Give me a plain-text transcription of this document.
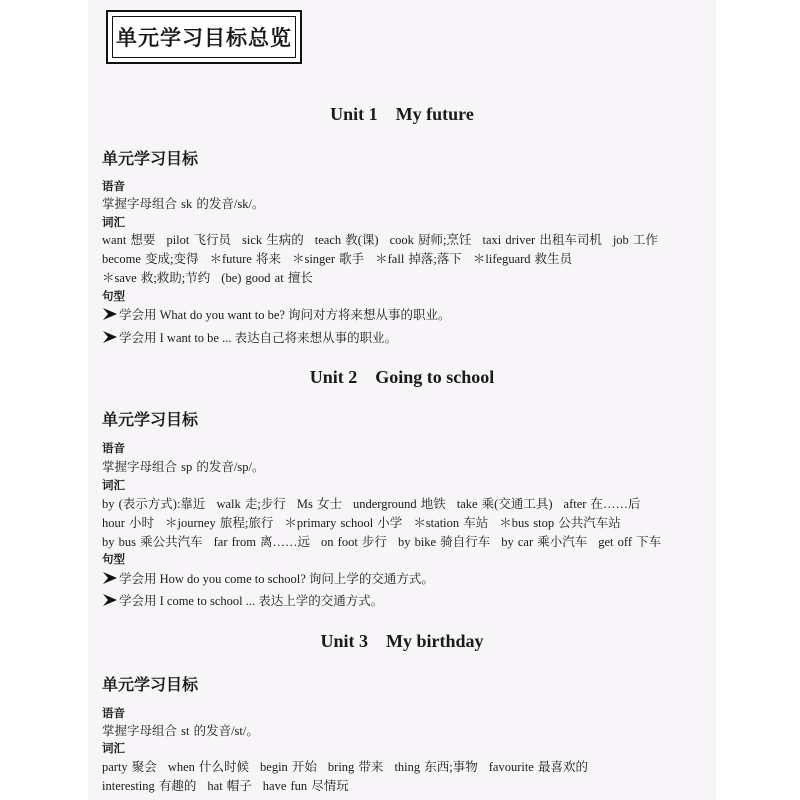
单元学习目标总览
Unit 1 My future
单元学习目标
语音
掌握字母组合 sk 的发音/sk/。
词汇
want 想要 pilot 飞行员 sick 生病的 teach 教(课) cook 厨师;烹饪 taxi driver 出租车司机 job 工作
become 变成;变得 ＊future 将来 ＊singer 歌手 ＊fall 掉落;落下 ＊lifeguard 救生员
＊save 救;救助;节约 (be) good at 擅长
句型
学会用 What do you want to be? 询问对方将来想从事的职业。
学会用 I want to be ... 表达自己将来想从事的职业。
Unit 2 Going to school
单元学习目标
语音
掌握字母组合 sp 的发音/sp/。
词汇
by (表示方式):靠近 walk 走;步行 Ms 女士 underground 地铁 take 乘(交通工具) after 在……后
hour 小时 ＊journey 旅程;旅行 ＊primary school 小学 ＊station 车站 ＊bus stop 公共汽车站
by bus 乘公共汽车 far from 离……远 on foot 步行 by bike 骑自行车 by car 乘小汽车 get off 下车
句型
学会用 How do you come to school? 询问上学的交通方式。
学会用 I come to school ... 表达上学的交通方式。
Unit 3 My birthday
单元学习目标
语音
掌握字母组合 st 的发音/st/。
词汇
party 聚会 when 什么时候 begin 开始 bring 带来 thing 东西;事物 favourite 最喜欢的
interesting 有趣的 hat 帽子 have fun 尽情玩
